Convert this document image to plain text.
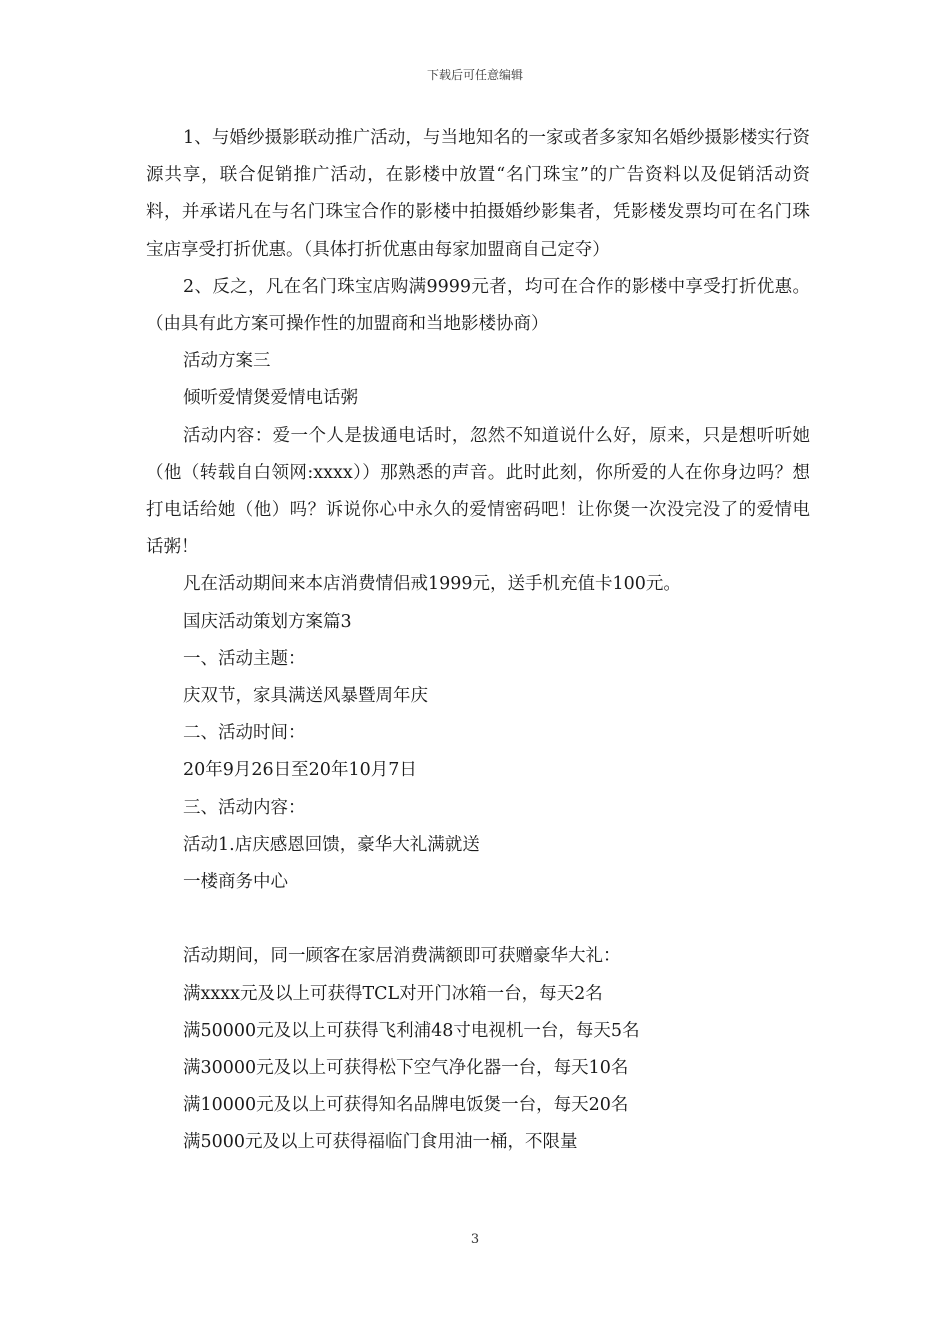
下载后可任意编辑

1、与婚纱摄影联动推广活动，与当地知名的一家或者多家知名婚纱摄影楼实行资源共享，联合促销推广活动，在影楼中放置“名门珠宝”的广告资料以及促销活动资料，并承诺凡在与名门珠宝合作的影楼中拍摄婚纱影集者，凭影楼发票均可在名门珠宝店享受打折优惠。（具体打折优惠由每家加盟商自己定夺）

2、反之，凡在名门珠宝店购满9999元者，均可在合作的影楼中享受打折优惠。（由具有此方案可操作性的加盟商和当地影楼协商）

活动方案三

倾听爱情煲爱情电话粥

活动内容：爱一个人是拔通电话时，忽然不知道说什么好，原来，只是想听听她（他（转载自白领网:xxxx））那熟悉的声音。此时此刻，你所爱的人在你身边吗？想打电话给她（他）吗？诉说你心中永久的爱情密码吧！让你煲一次没完没了的爱情电话粥！

凡在活动期间来本店消费情侣戒1999元，送手机充值卡100元。

国庆活动策划方案篇3

一、活动主题：

庆双节，家具满送风暴暨周年庆

二、活动时间：

20年9月26日至20年10月7日

三、活动内容：

活动1.店庆感恩回馈，豪华大礼满就送

一楼商务中心

活动期间，同一顾客在家居消费满额即可获赠豪华大礼：

满xxxx元及以上可获得TCL对开门冰箱一台，每天2名

满50000元及以上可获得飞利浦48寸电视机一台，每天5名

满30000元及以上可获得松下空气净化器一台，每天10名

满10000元及以上可获得知名品牌电饭煲一台，每天20名

满5000元及以上可获得福临门食用油一桶，不限量

3
